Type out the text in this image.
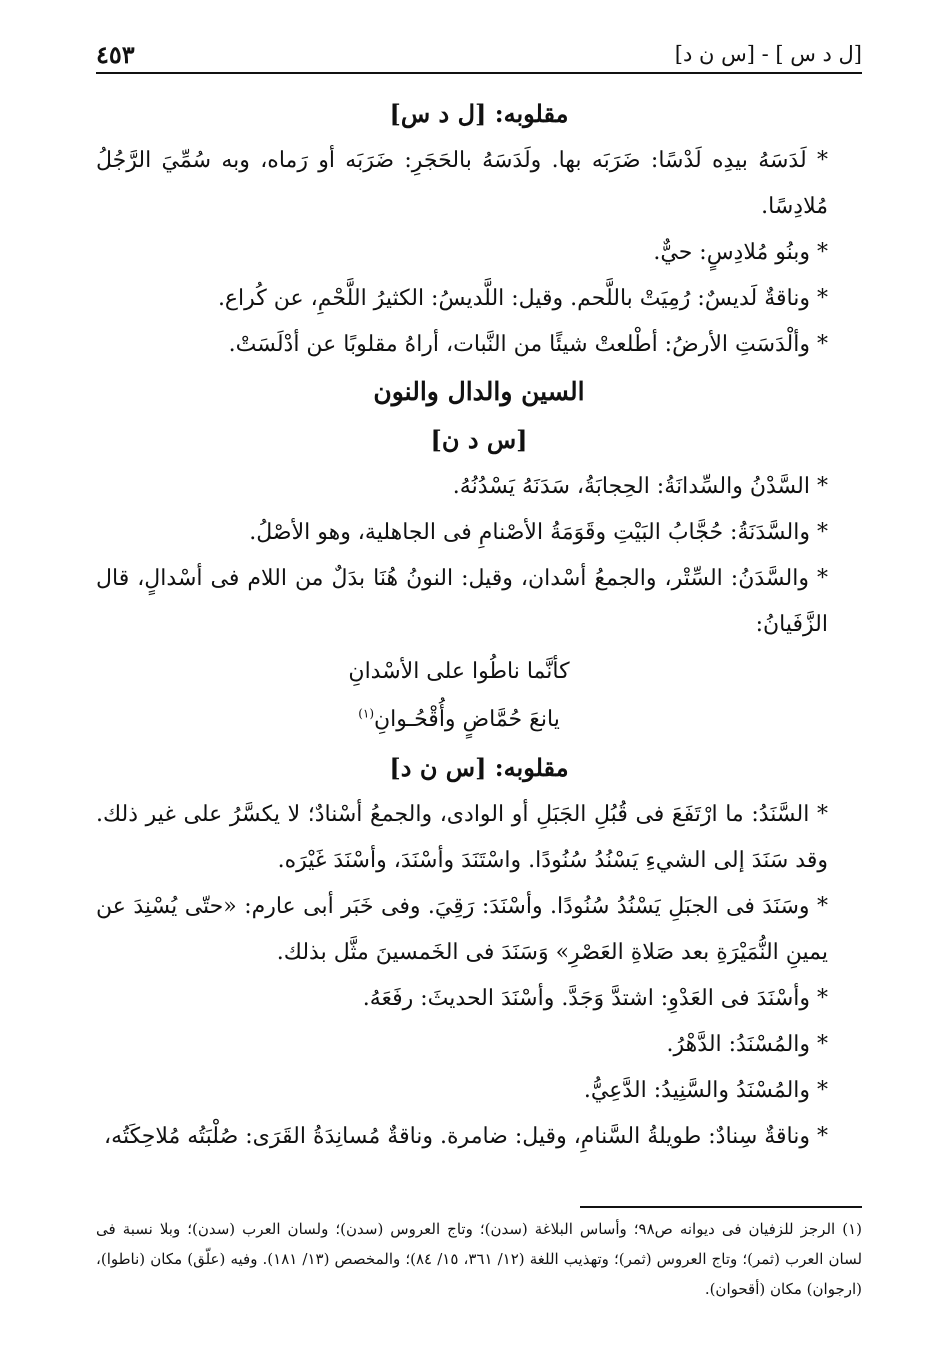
[ل د س ] - [س ن د]
٤٥٣
مقلوبه: [ل د س]
* لَدَسَهُ بيدِه لَدْسًا: ضَرَبَه بها. ولَدَسَهُ بالحَجَرِ: ضَرَبَه أو رَماه، وبه سُمِّيَ الرَّجُلُ مُلادِسًا.
* وبنُو مُلادِسٍ: حيٌّ.
* وناقةٌ لَديسٌ: رُمِيَتْ باللَّحم. وقيل: اللَّديسُ: الكثيرُ اللَّحْمِ، عن كُراع.
* وألْدَسَتِ الأرضُ: أطْلعتْ شيئًا من النَّبات، أراهُ مقلوبًا عن أدْلَسَتْ.
السين والدال والنون
[س د ن]
* السَّدْنُ والسِّدانَةُ: الحِجابَةُ، سَدَنَهُ يَسْدُنُهُ.
* والسَّدَنَةُ: حُجَّابُ البَيْتِ وقَوَمَةُ الأصْنامِ فى الجاهلية، وهو الأصْلُ.
* والسَّدَنُ: السِّتْر، والجمعُ أسْدان، وقيل: النونُ هُنَا بدَلٌ من اللام فى أسْدالٍ، قال الزَّفَيانُ:
كأنَّما ناطُوا على الأسْدانِ
يانعَ حُمَّاضٍ وأُقْحُـوانِ$^{(١)}$
مقلوبه: [س ن د]
* السَّنَدُ: ما ارْتَفَعَ فى قُبُلِ الجَبَلِ أو الوادى، والجمعُ أسْنادٌ؛ لا يكسَّرُ على غير ذلك. وقد سَنَدَ إلى الشيءِ يَسْنُدُ سُنُودًا. واسْتَنَدَ وأسْنَدَ، وأسْنَدَ غَيْرَه.
* وسَنَدَ فى الجبَلِ يَسْنُدُ سُنُودًا. وأسْنَدَ: رَقِيَ. وفى خَبَر أبى عارم: «حتّى يُسْنِدَ عن يمينِ النُّمَيْرَةِ بعد صَلاةِ العَصْرِ» وَسَنَدَ فى الخَمسينَ مثَّل بذلك.
* وأسْنَدَ فى العَدْوِ: اشتدَّ وَجَدَّ. وأسْنَدَ الحديثَ: رفَعَهُ.
* والمُسْنَدُ: الدَّهْرُ.
* والمُسْنَدُ والسَّنِيدُ: الدَّعِيُّ.
* وناقةٌ سِنادٌ: طويلةُ السَّنامِ، وقيل: ضامرة. وناقةٌ مُسانِدَةُ القَرَى: صُلْبَتُه مُلاحِكَتُه،
(١) الرجز للزفيان فى ديوانه ص٩٨؛ وأساس البلاغة (سدن)؛ وتاج العروس (سدن)؛ ولسان العرب (سدن)؛ وبلا نسبة فى لسان العرب (ثمر)؛ وتاج العروس (ثمر)؛ وتهذيب اللغة (١٢/ ٣٦١، ١٥/ ٨٤)؛ والمخصص (١٣/ ١٨١). وفيه (علّق) مكان (ناطوا)، (ارجوان) مكان (أقحوان).
